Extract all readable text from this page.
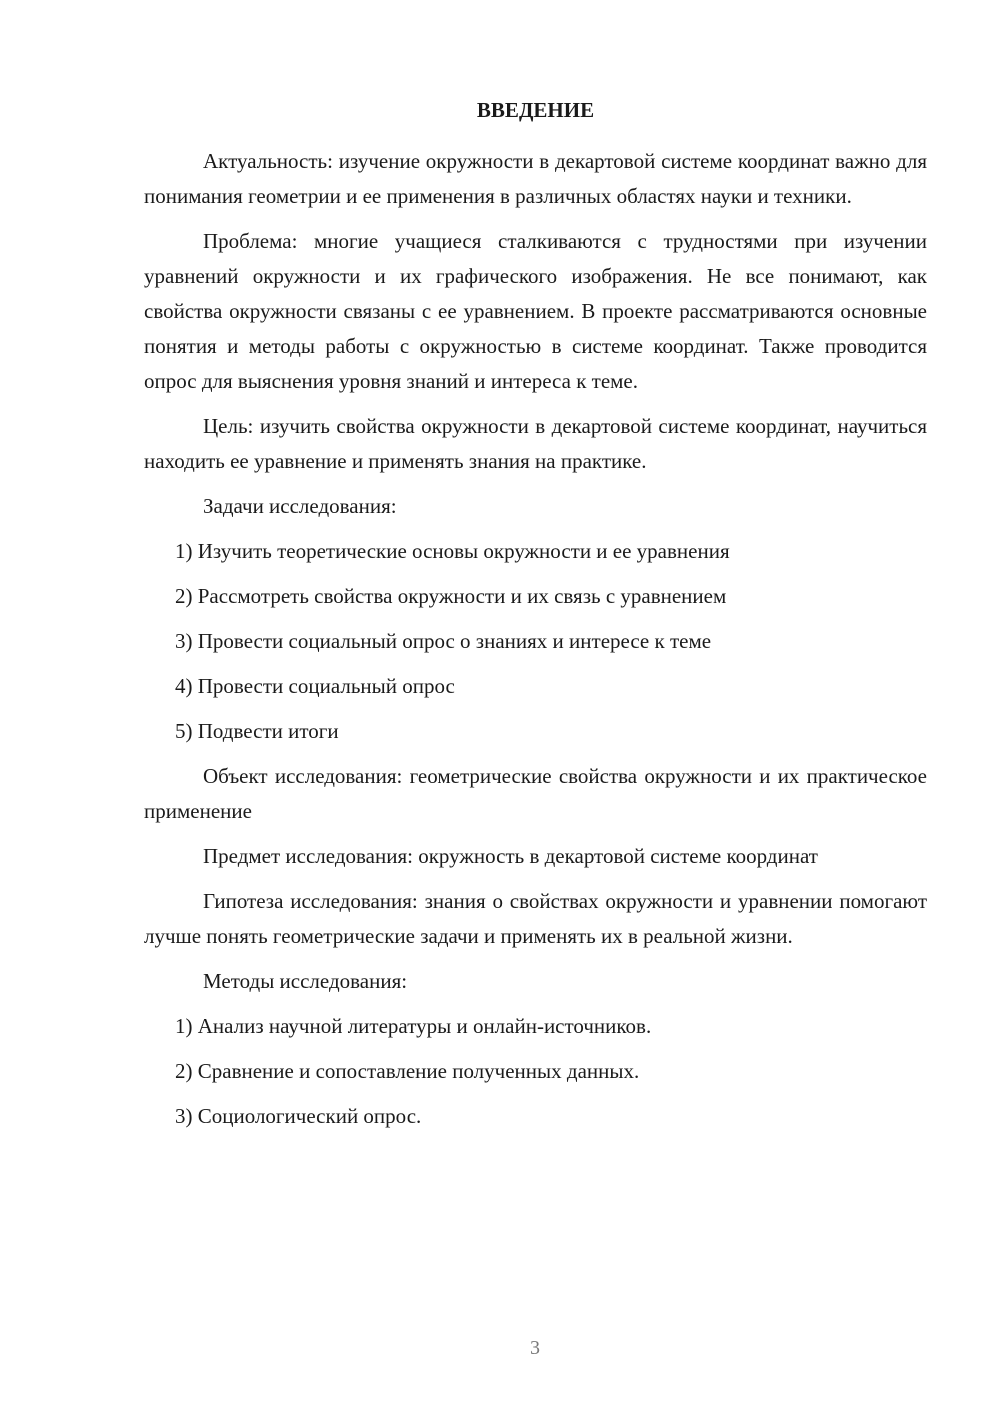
ВВЕДЕНИЕ

Актуальность: изучение окружности в декартовой системе координат важно для понимания геометрии и ее применения в различных областях науки и техники.

Проблема: многие учащиеся сталкиваются с трудностями при изучении уравнений окружности и их графического изображения. Не все понимают, как свойства окружности связаны с ее уравнением. В проекте рассматриваются основные понятия и методы работы с окружностью в системе координат. Также проводится опрос для выяснения уровня знаний и интереса к теме.

Цель: изучить свойства окружности в декартовой системе координат, научиться находить ее уравнение и применять знания на практике.

Задачи исследования:

1) Изучить теоретические основы окружности и ее уравнения
2) Рассмотреть свойства окружности и их связь с уравнением
3) Провести социальный опрос о знаниях и интересе к теме
4) Провести социальный опрос
5) Подвести итоги

Объект исследования: геометрические свойства окружности и их практическое применение

Предмет исследования: окружность в декартовой системе координат

Гипотеза исследования: знания о свойствах окружности и уравнении помогают лучше понять геометрические задачи и применять их в реальной жизни.

Методы исследования:

1) Анализ научной литературы и онлайн-источников.
2) Сравнение и сопоставление полученных данных.
3) Социологический опрос.
3
